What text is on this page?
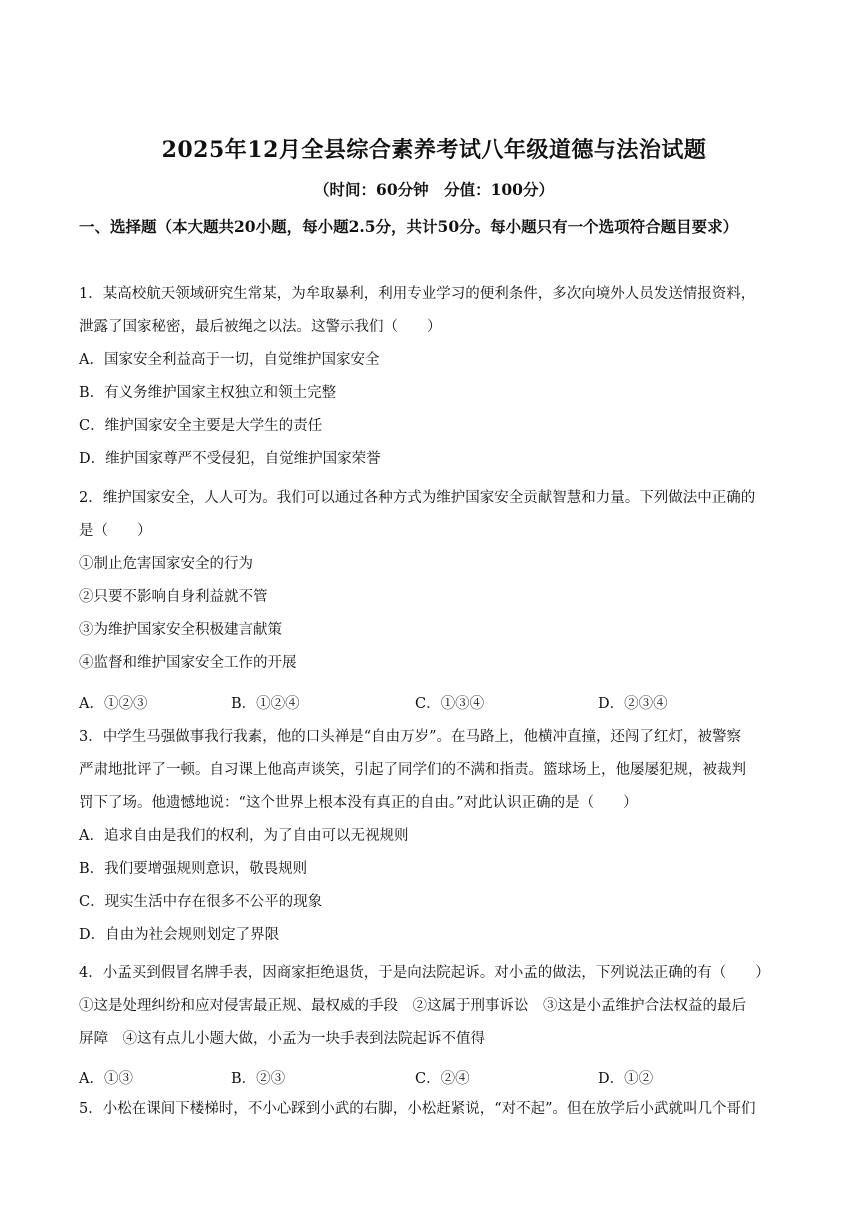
2025年12月全县综合素养考试八年级道德与法治试题
（时间：60分钟　分值：100分）
一、选择题（本大题共20小题，每小题2.5分，共计50分。每小题只有一个选项符合题目要求）
1．某高校航天领域研究生常某，为牟取暴利，利用专业学习的便利条件，多次向境外人员发送情报资料，
泄露了国家秘密，最后被绳之以法。这警示我们（　　）
A．国家安全利益高于一切，自觉维护国家安全
B．有义务维护国家主权独立和领土完整
C．维护国家安全主要是大学生的责任
D．维护国家尊严不受侵犯，自觉维护国家荣誉
2．维护国家安全，人人可为。我们可以通过各种方式为维护国家安全贡献智慧和力量。下列做法中正确的
是（　　）
①制止危害国家安全的行为
②只要不影响自身利益就不管
③为维护国家安全积极建言献策
④监督和维护国家安全工作的开展
A．①②③	B．①②④	C．①③④	D．②③④
3．中学生马强做事我行我素，他的口头禅是“自由万岁”。在马路上，他横冲直撞，还闯了红灯，被警察
严肃地批评了一顿。自习课上他高声谈笑，引起了同学们的不满和指责。篮球场上，他屡屡犯规，被裁判
罚下了场。他遗憾地说：“这个世界上根本没有真正的自由。”对此认识正确的是（　　）
A．追求自由是我们的权利，为了自由可以无视规则
B．我们要增强规则意识，敬畏规则
C．现实生活中存在很多不公平的现象
D．自由为社会规则划定了界限
4．小孟买到假冒名牌手表，因商家拒绝退货，于是向法院起诉。对小孟的做法，下列说法正确的有（　　）
①这是处理纠纷和应对侵害最正规、最权威的手段　②这属于刑事诉讼　③这是小孟维护合法权益的最后
屏障　④这有点儿小题大做，小孟为一块手表到法院起诉不值得
A．①③	B．②③	C．②④	D．①②
5．小松在课间下楼梯时，不小心踩到小武的右脚，小松赶紧说，“对不起”。但在放学后小武就叫几个哥们
